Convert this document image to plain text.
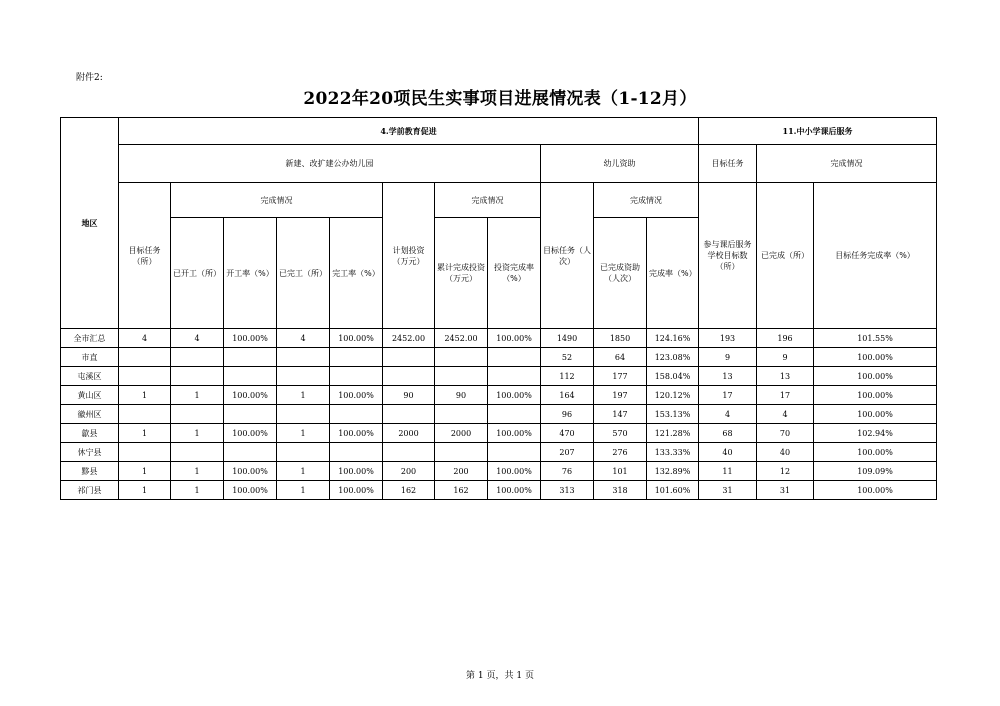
附件2:
2022年20项民生实事项目进展情况表（1-12月）
地区	4.学前教育促进											11.中小学课后服务		
	新建、改扩建公办幼儿园								幼儿资助			目标任务	完成情况	
	目标任务（所）	完成情况				计划投资（万元）	完成情况		目标任务（人次）	完成情况		参与课后服务学校目标数（所）	已完成（所）	目标任务完成率（%）
		已开工（所）	开工率（%）	已完工（所）	完工率（%）		累计完成投资（万元）	投资完成率（%）		已完成资助（人次）	完成率（%）			
全市汇总	4	4	100.00%	4	100.00%	2452.00	2452.00	100.00%	1490	1850	124.16%	193	196	101.55%
市直									52	64	123.08%	9	9	100.00%
屯溪区									112	177	158.04%	13	13	100.00%
黄山区	1	1	100.00%	1	100.00%	90	90	100.00%	164	197	120.12%	17	17	100.00%
徽州区									96	147	153.13%	4	4	100.00%
歙县	1	1	100.00%	1	100.00%	2000	2000	100.00%	470	570	121.28%	68	70	102.94%
休宁县									207	276	133.33%	40	40	100.00%
黟县	1	1	100.00%	1	100.00%	200	200	100.00%	76	101	132.89%	11	12	109.09%
祁门县	1	1	100.00%	1	100.00%	162	162	100.00%	313	318	101.60%	31	31	100.00%
第 1 页，共 1 页
